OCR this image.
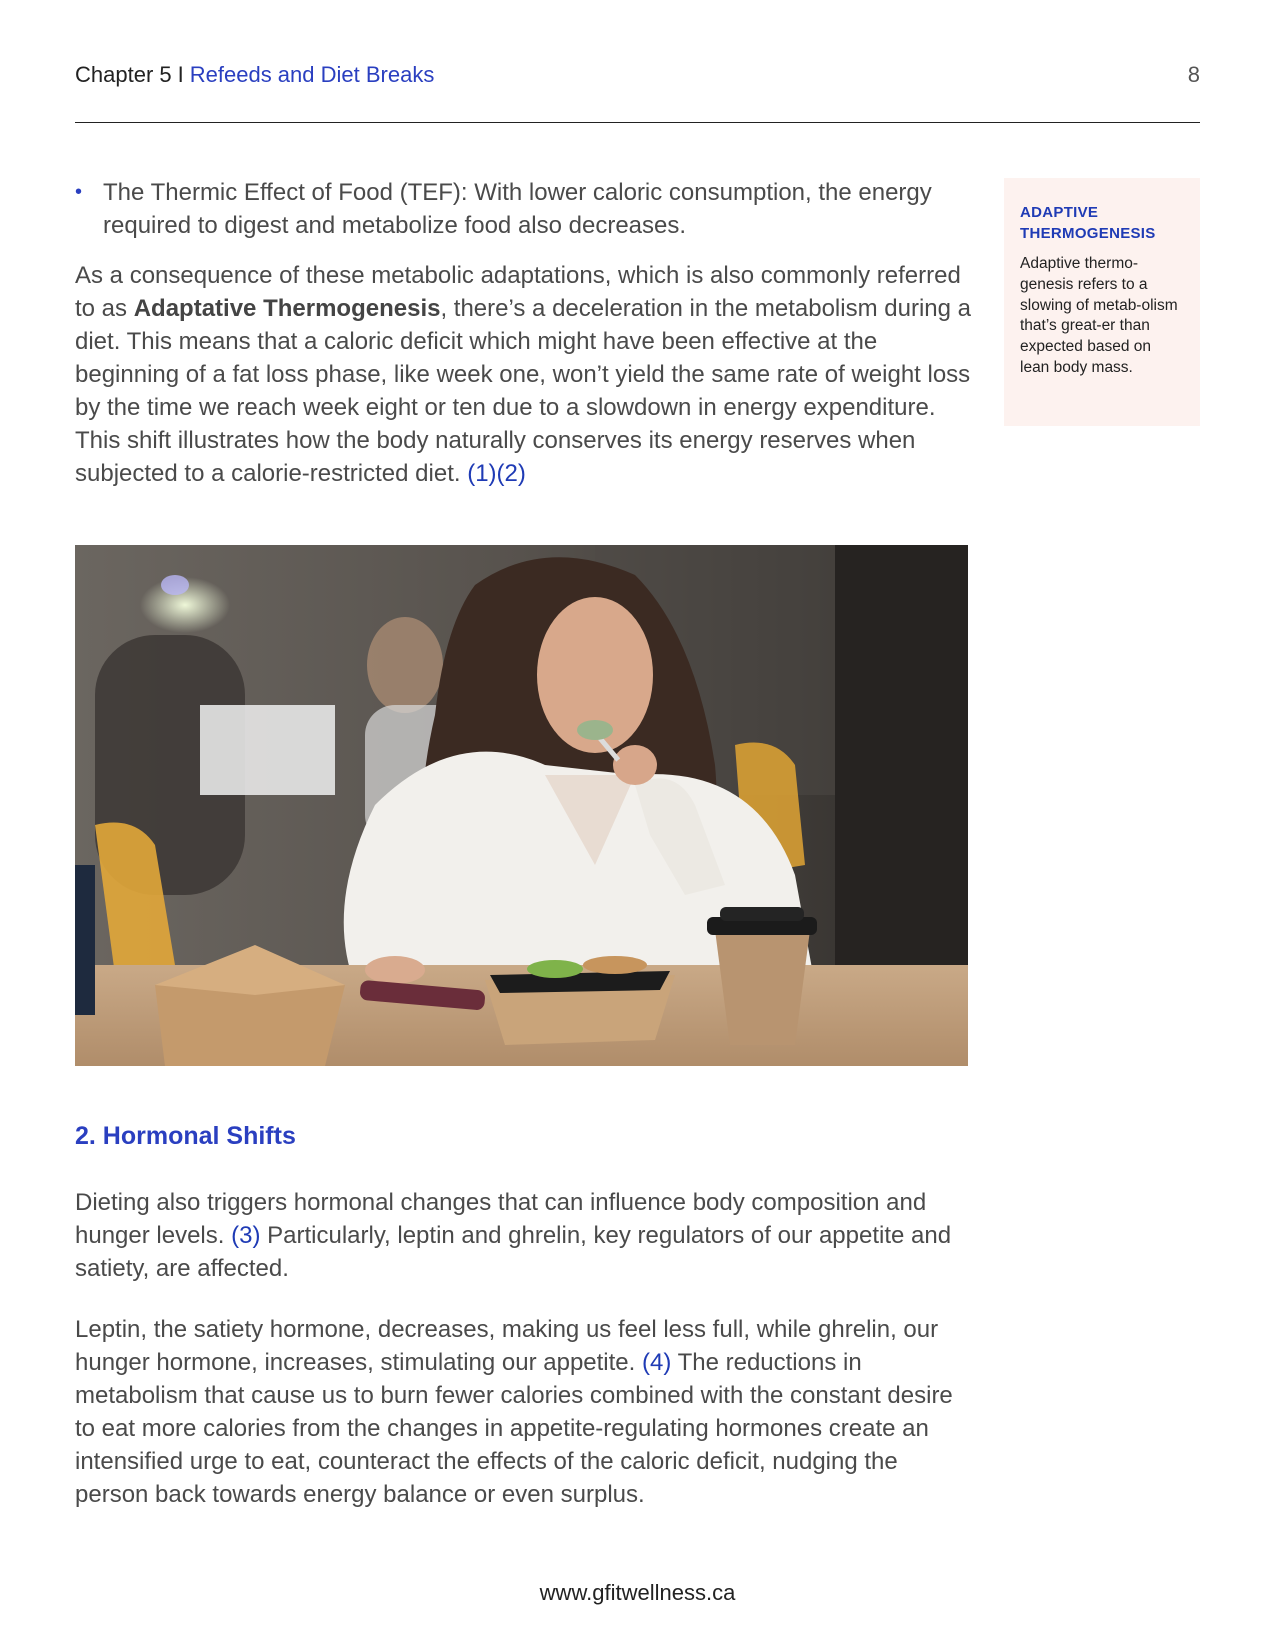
Chapter 5 I Refeeds and Diet Breaks	8
• The Thermic Effect of Food (TEF): With lower caloric consumption, the energy required to digest and metabolize food also decreases.

As a consequence of these metabolic adaptations, which is also commonly referred to as Adaptative Thermogenesis, there’s a deceleration in the metabolism during a diet. This means that a caloric deficit which might have been effective at the beginning of a fat loss phase, like week one, won’t yield the same rate of weight loss by the time we reach week eight or ten due to a slowdown in energy expenditure. This shift illustrates how the body naturally conserves its energy reserves when subjected to a calorie-restricted diet. (1)(2)

2. Hormonal Shifts

Dieting also triggers hormonal changes that can influence body composition and hunger levels. (3) Particularly, leptin and ghrelin, key regulators of our appetite and satiety, are affected.

Leptin, the satiety hormone, decreases, making us feel less full, while ghrelin, our hunger hormone, increases, stimulating our appetite. (4) The reductions in metabolism that cause us to burn fewer calories combined with the constant desire to eat more calories from the changes in appetite-regulating hormones create an intensified urge to eat, counteract the effects of the caloric deficit, nudging the person back towards energy balance or even surplus.

ADAPTIVE THERMOGENESIS
Adaptive thermo-genesis refers to a slowing of metab-olism that’s great-er than expected based on lean body mass.
www.gfitwellness.ca
